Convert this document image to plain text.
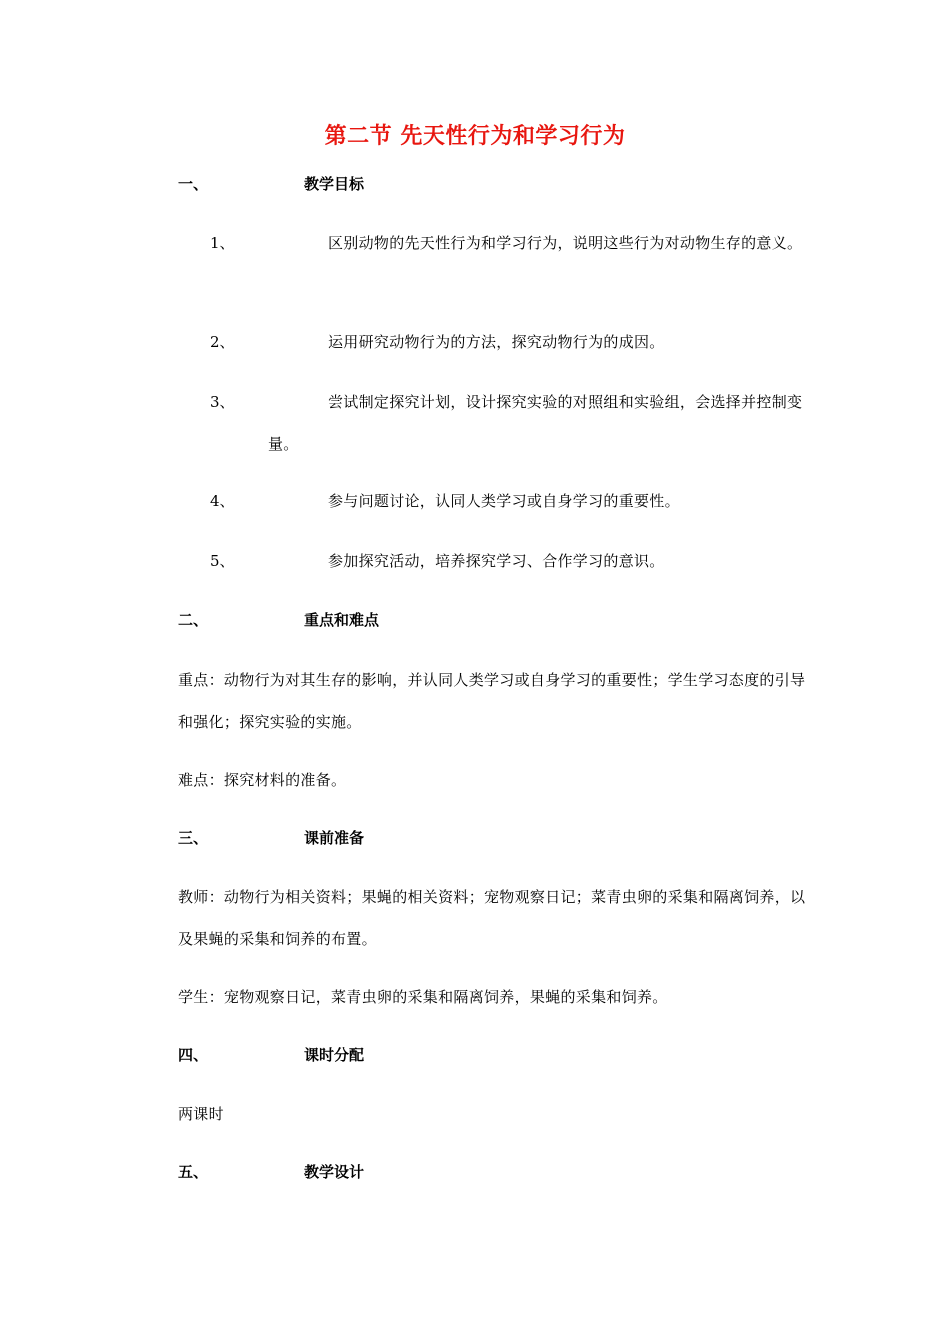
第二节 先天性行为和学习行为
一、	教学目标
1、	区别动物的先天性行为和学习行为，说明这些行为对动物生存的意义。
2、	运用研究动物行为的方法，探究动物行为的成因。
3、	尝试制定探究计划，设计探究实验的对照组和实验组，会选择并控制变量。
4、	参与问题讨论，认同人类学习或自身学习的重要性。
5、	参加探究活动，培养探究学习、合作学习的意识。
二、	重点和难点
重点：动物行为对其生存的影响，并认同人类学习或自身学习的重要性；学生学习态度的引导和强化；探究实验的实施。
难点：探究材料的准备。
三、	课前准备
教师：动物行为相关资料；果蝇的相关资料；宠物观察日记；菜青虫卵的采集和隔离饲养，以及果蝇的采集和饲养的布置。
学生：宠物观察日记，菜青虫卵的采集和隔离饲养，果蝇的采集和饲养。
四、	课时分配
两课时
五、	教学设计
